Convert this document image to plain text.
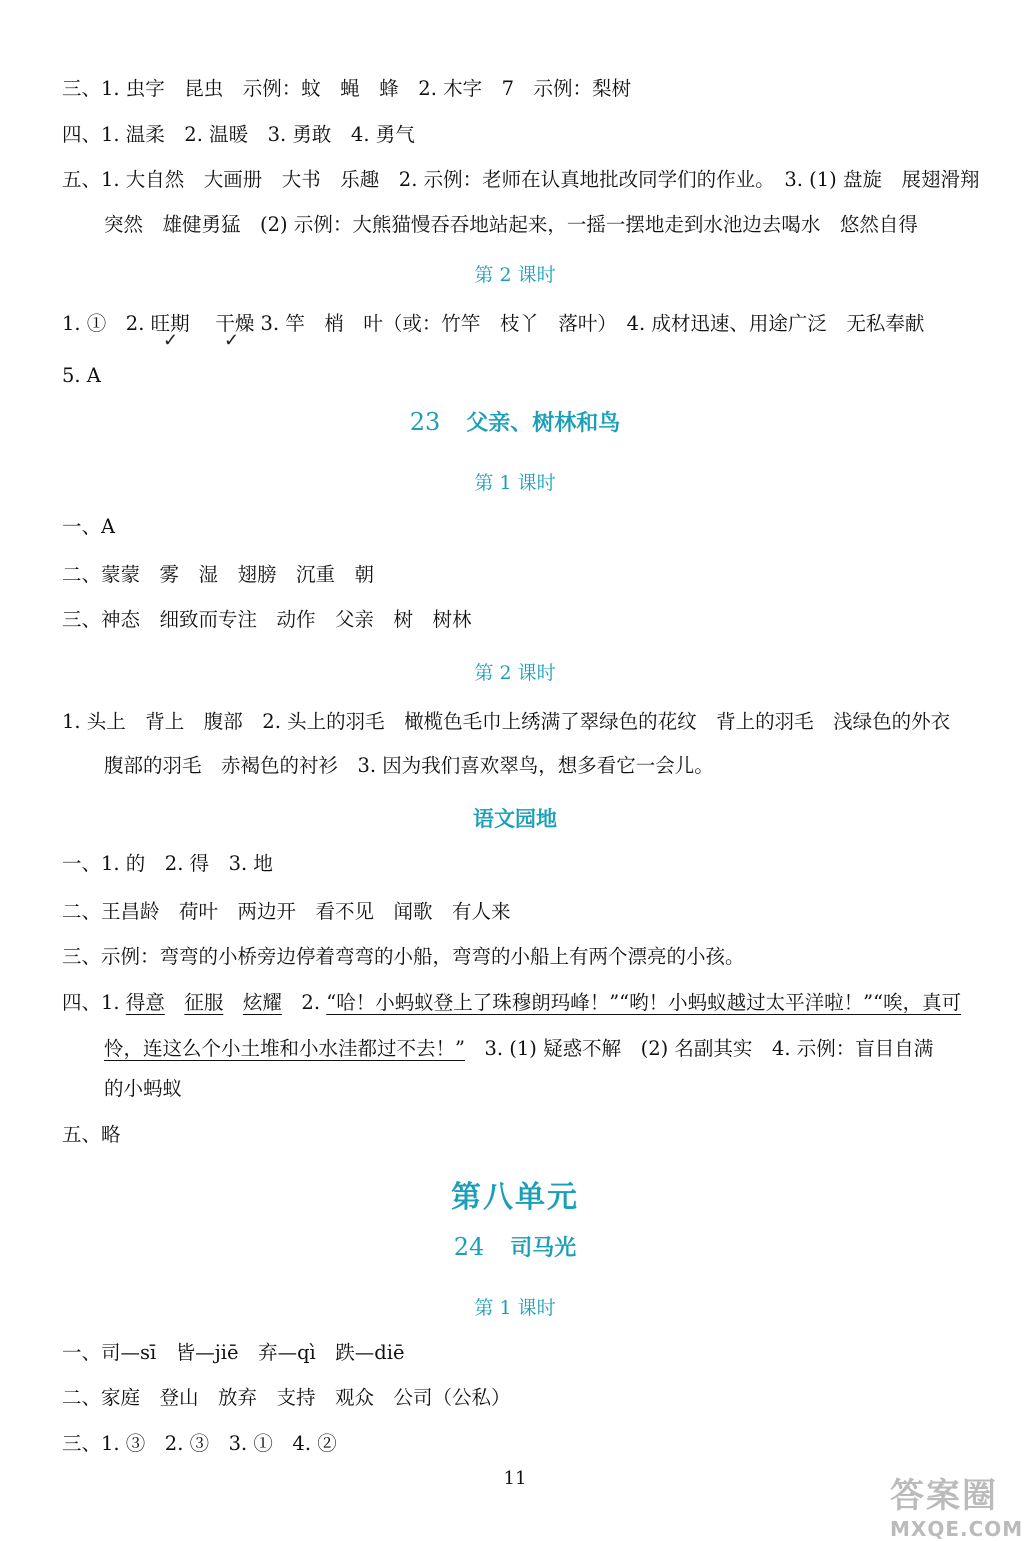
三、1. 虫字　昆虫　示例：蚊　蝇　蜂　2. 木字　7　示例：梨树
四、1. 温柔　2. 温暖　3. 勇敢　4. 勇气
五、1. 大自然　大画册　大书　乐趣　2. 示例：老师在认真地批改同学们的作业。　3. (1) 盘旋　展翅滑翔
突然　雄健勇猛　(2) 示例：大熊猫慢吞吞地站起来，一摇一摆地走到水池边去喝水　悠然自得
第 2 课时
1. ①　2. 旺期　 干燥 3. 竿　梢　叶（或：竹竿　枝丫　落叶）　4. 成材迅速、用途广泛　无私奉献
✓	✓
5. A
23 父亲、树林和鸟
第 1 课时
一、A
二、蒙蒙　雾　湿　翅膀　沉重　朝
三、神态　细致而专注　动作　父亲　树　树林
第 2 课时
1. 头上　背上　腹部　2. 头上的羽毛　橄榄色毛巾上绣满了翠绿色的花纹　背上的羽毛　浅绿色的外衣
腹部的羽毛　赤褐色的衬衫　3. 因为我们喜欢翠鸟，想多看它一会儿。
语文园地
一、1. 的　2. 得　3. 地
二、王昌龄　荷叶　两边开　看不见　闻歌　有人来
三、示例：弯弯的小桥旁边停着弯弯的小船，弯弯的小船上有两个漂亮的小孩。
四、1. 得意　 征服　 炫耀　 2. “哈！小蚂蚁登上了珠穆朗玛峰！”“哟！小蚂蚁越过太平洋啦！”“唉，真可
怜，连这么个小土堆和小水洼都过不去！”　3. (1) 疑惑不解　(2) 名副其实　4. 示例：盲目自满
的小蚂蚁
五、略
第八单元
24 司马光
第 1 课时
一、司—sī　皆—jiē　弃—qì　跌—diē
二、家庭　登山　放弃　支持　观众　公司（公私）
三、1. ③　2. ③　3. ①　4. ②
11	答案圈
MXQE.COM
